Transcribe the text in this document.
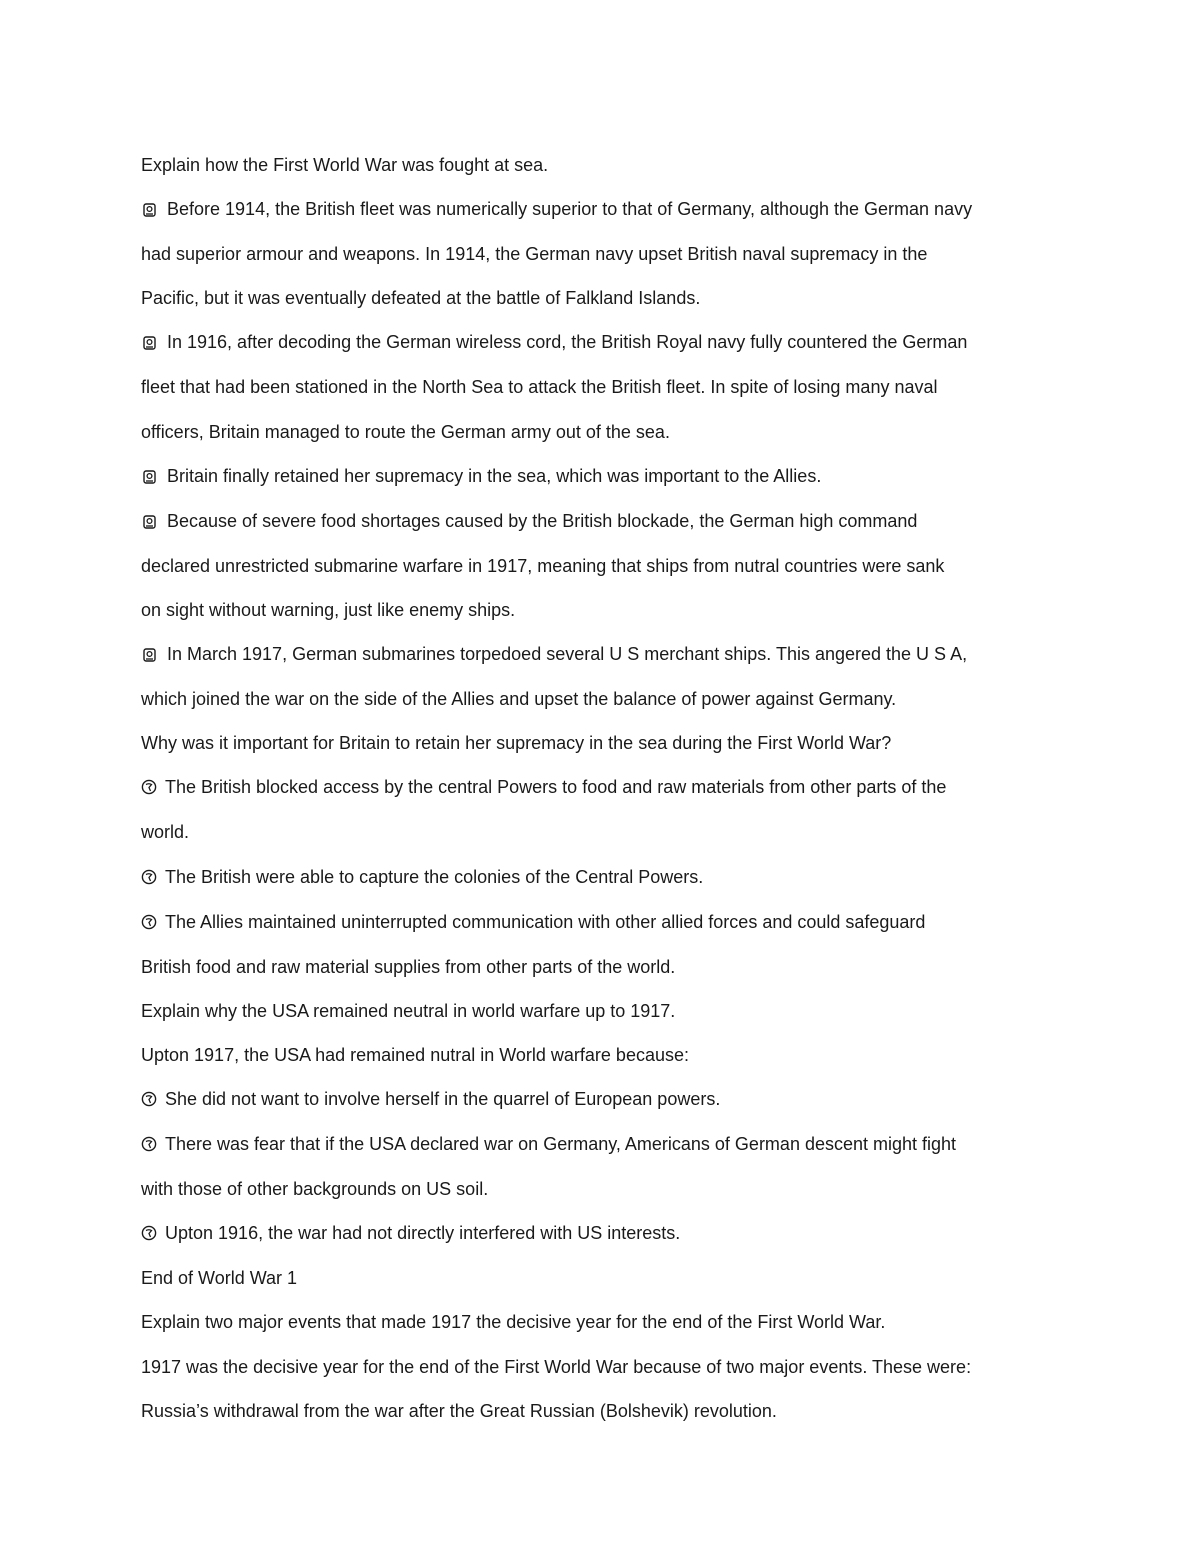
Explain how the First World War was fought at sea.

Before 1914, the British fleet was numerically superior to that of Germany, although the German navy

had superior armour and weapons. In 1914, the German navy upset British naval supremacy in the

Pacific, but it was eventually defeated at the battle of Falkland Islands.

In 1916, after decoding the German wireless cord, the British Royal navy fully countered the German

fleet that had been stationed in the North Sea to attack the British fleet. In spite of losing many naval

officers, Britain managed to route the German army out of the sea.

Britain finally retained her supremacy in the sea, which was important to the Allies.

Because of severe food shortages caused by the British blockade, the German high command

declared unrestricted submarine warfare in 1917, meaning that ships from nutral countries were sank

on sight without warning, just like enemy ships.

In March 1917, German submarines torpedoed several U S merchant ships. This angered the U S A,

which joined the war on the side of the Allies and upset the balance of power against Germany.

Why was it important for Britain to retain her supremacy in the sea during the First World War?

The British blocked access by the central Powers to food and raw materials from other parts of the

world.

The British were able to capture the colonies of the Central Powers.

The Allies maintained uninterrupted communication with other allied forces and could safeguard

British food and raw material supplies from other parts of the world.

Explain why the USA remained neutral in world warfare up to 1917.

Upton 1917, the USA had remained nutral in World warfare because:

She did not want to involve herself in the quarrel of European powers.

There was fear that if the USA declared war on Germany, Americans of German descent might fight

with those of other backgrounds on US soil.

Upton 1916, the war had not directly interfered with US interests.

End of World War 1

Explain two major events that made 1917 the decisive year for the end of the First World War.

1917 was the decisive year for the end of the First World War because of two major events. These were:

Russia’s withdrawal from the war after the Great Russian (Bolshevik) revolution.
